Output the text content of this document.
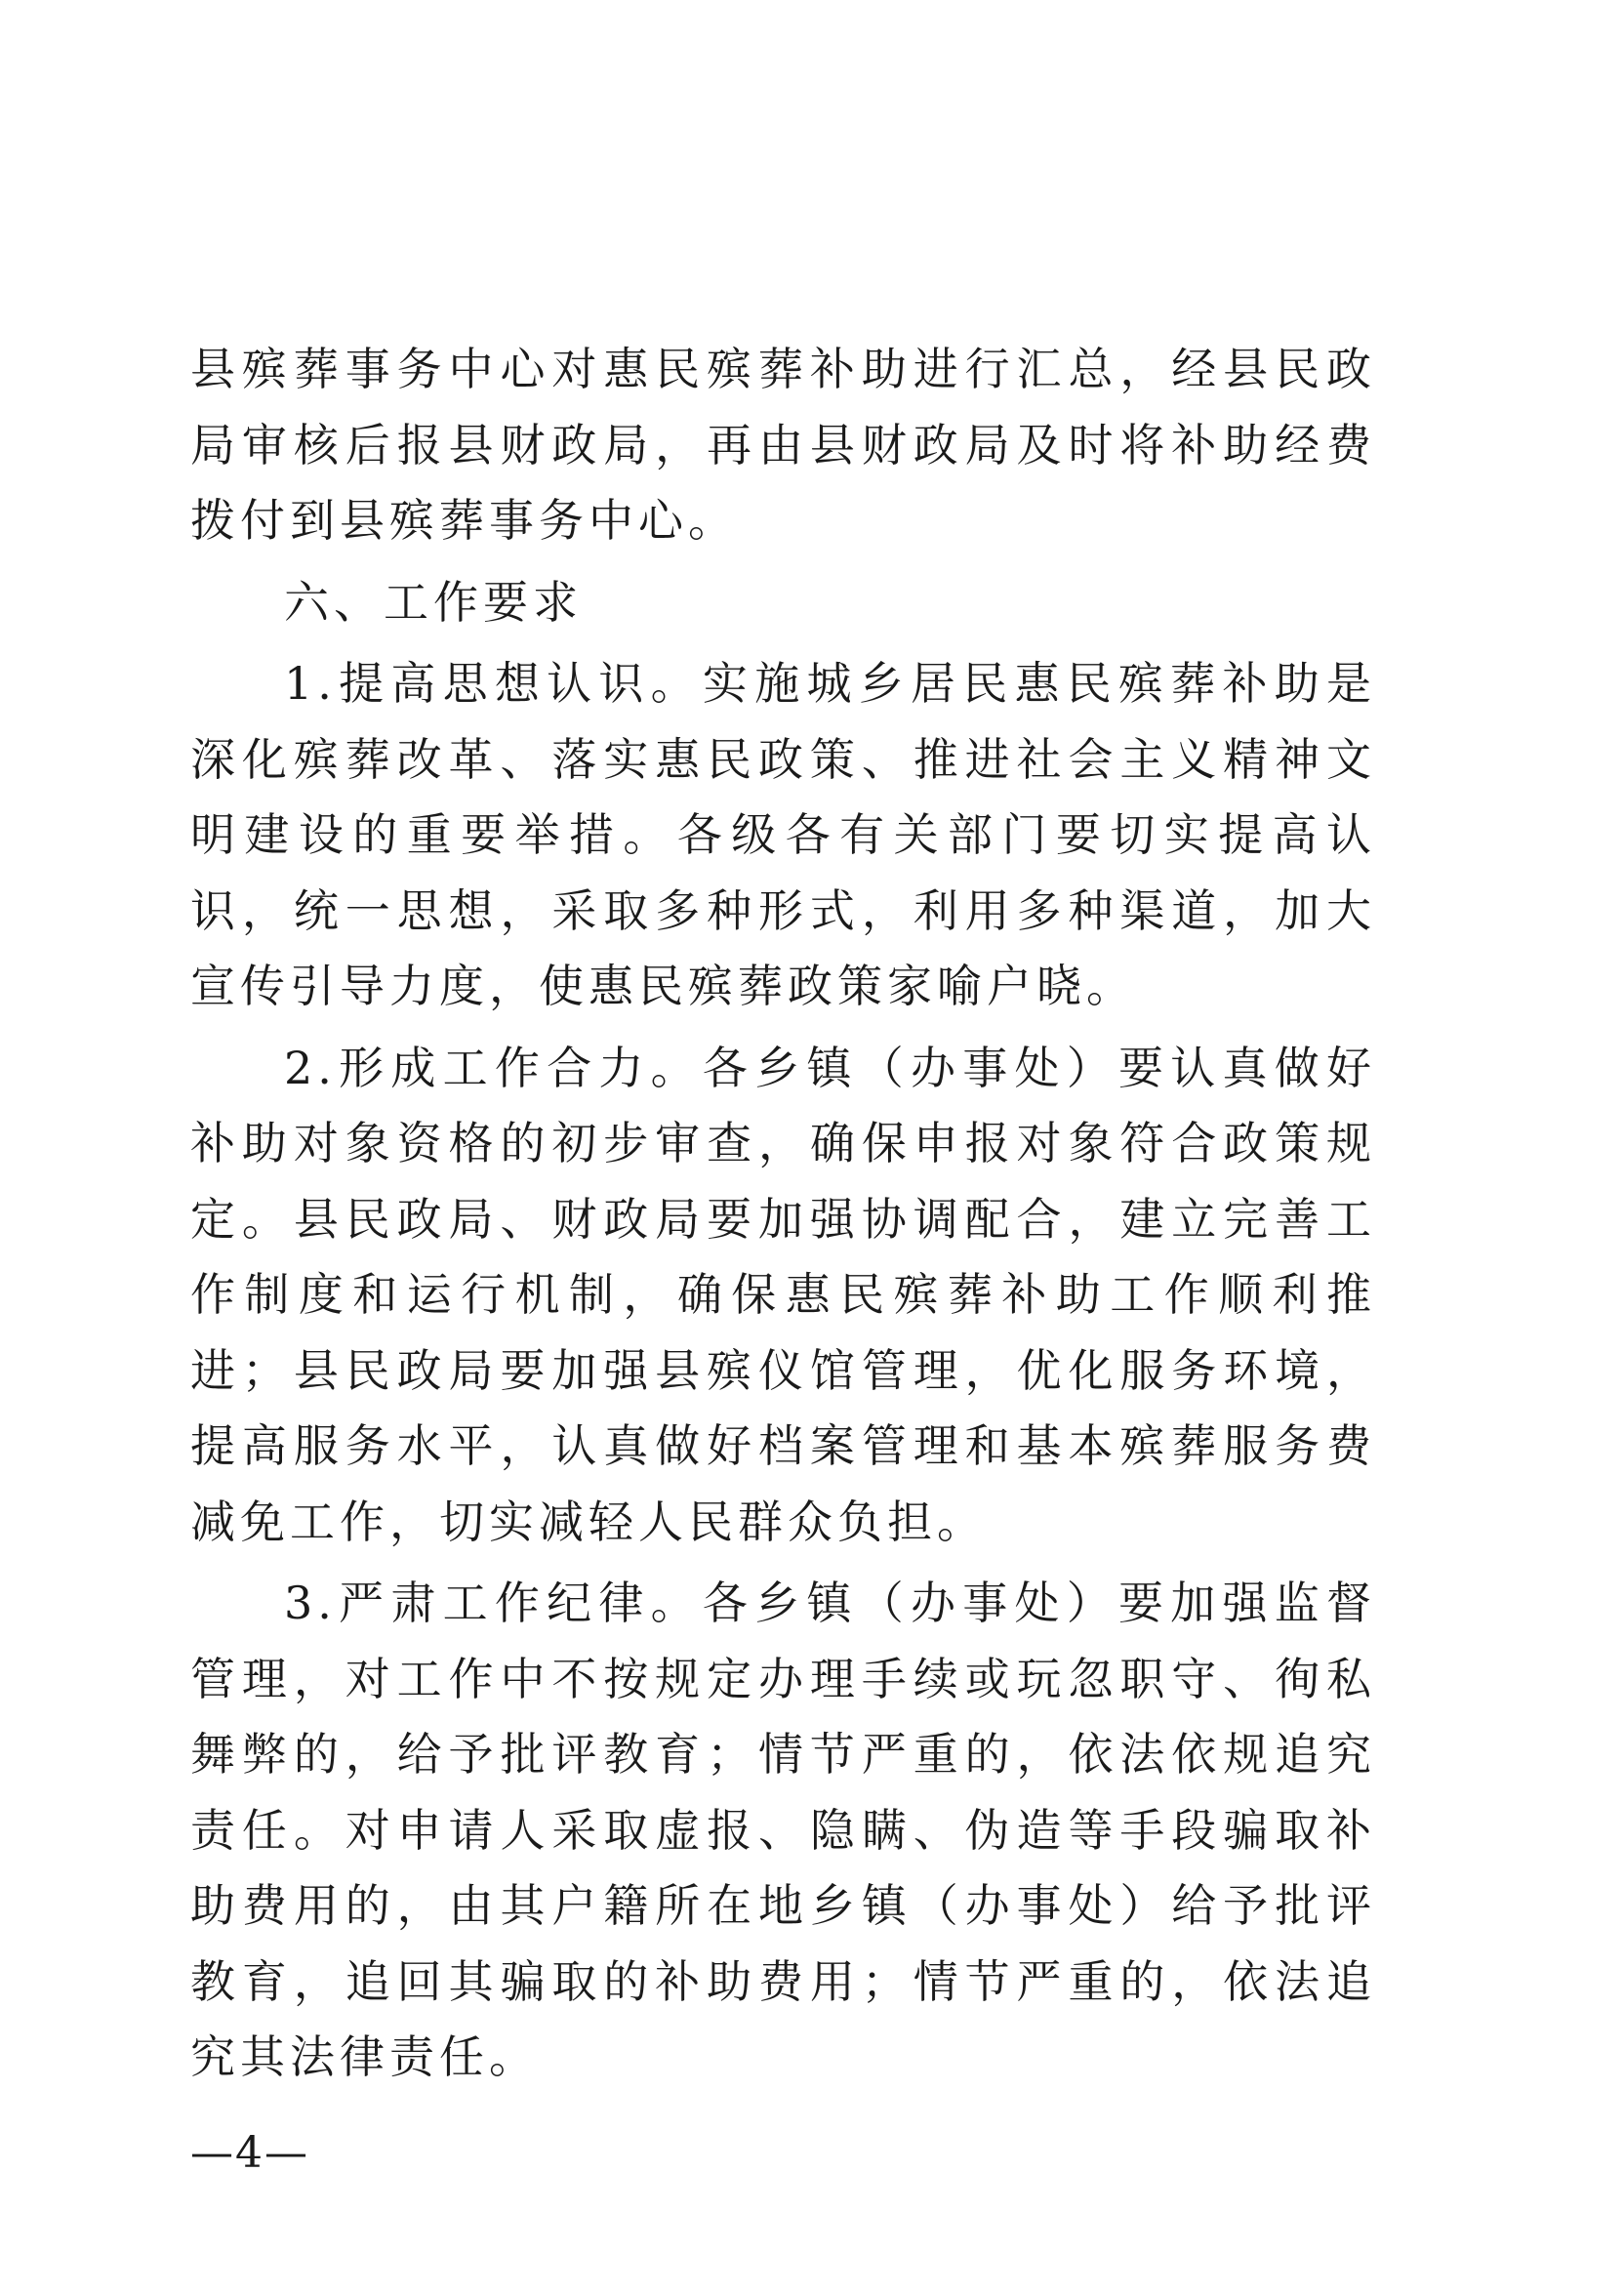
县殡葬事务中心对惠民殡葬补助进行汇总，经县民政局审核后报县财政局，再由县财政局及时将补助经费拨付到县殡葬事务中心。

六、工作要求

1.提高思想认识。实施城乡居民惠民殡葬补助是深化殡葬改革、落实惠民政策、推进社会主义精神文明建设的重要举措。各级各有关部门要切实提高认识，统一思想，采取多种形式，利用多种渠道，加大宣传引导力度，使惠民殡葬政策家喻户晓。

2.形成工作合力。各乡镇（办事处）要认真做好补助对象资格的初步审查，确保申报对象符合政策规定。县民政局、财政局要加强协调配合，建立完善工作制度和运行机制，确保惠民殡葬补助工作顺利推进；县民政局要加强县殡仪馆管理，优化服务环境，提高服务水平，认真做好档案管理和基本殡葬服务费减免工作，切实减轻人民群众负担。

3.严肃工作纪律。各乡镇（办事处）要加强监督管理，对工作中不按规定办理手续或玩忽职守、徇私舞弊的，给予批评教育；情节严重的，依法依规追究责任。对申请人采取虚报、隐瞒、伪造等手段骗取补助费用的，由其户籍所在地乡镇（办事处）给予批评教育，追回其骗取的补助费用；情节严重的，依法追究其法律责任。

—4—
